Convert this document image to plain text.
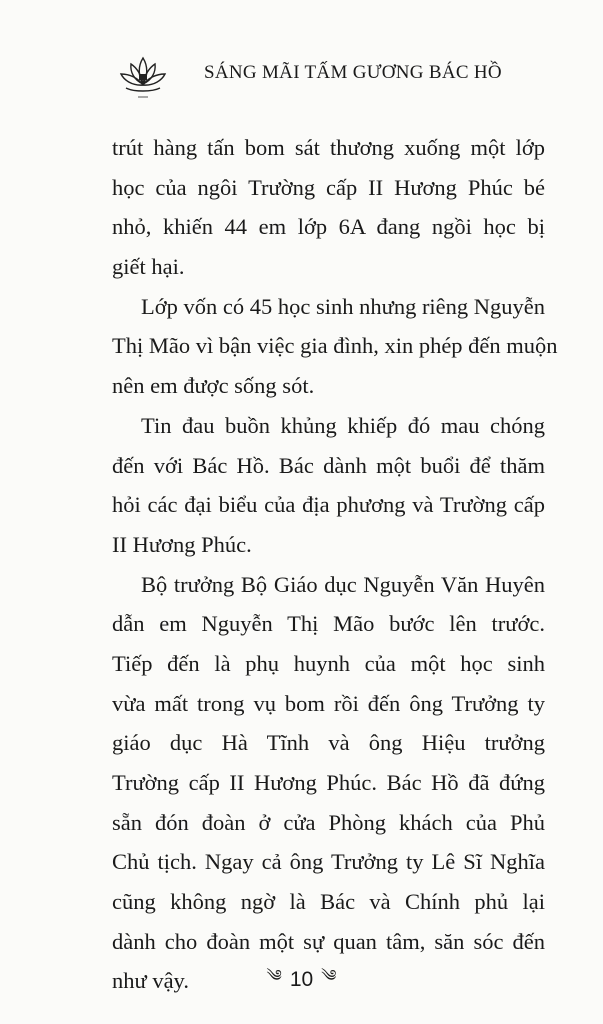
SÁNG MÃI TẤM GƯƠNG BÁC HỒ
trút hàng tấn bom sát thương xuống một lớp
học của ngôi Trường cấp II Hương Phúc bé
nhỏ, khiến 44 em lớp 6A đang ngồi học bị
giết hại.
Lớp vốn có 45 học sinh nhưng riêng Nguyễn
Thị Mão vì bận việc gia đình, xin phép đến muộn
nên em được sống sót.
Tin đau buồn khủng khiếp đó mau chóng
đến với Bác Hồ. Bác dành một buổi để thăm
hỏi các đại biểu của địa phương và Trường cấp
II Hương Phúc.
Bộ trưởng Bộ Giáo dục Nguyễn Văn Huyên
dẫn em Nguyễn Thị Mão bước lên trước.
Tiếp đến là phụ huynh của một học sinh
vừa mất trong vụ bom rồi đến ông Trưởng ty
giáo dục Hà Tĩnh và ông Hiệu trưởng
Trường cấp II Hương Phúc. Bác Hồ đã đứng
sẵn đón đoàn ở cửa Phòng khách của Phủ
Chủ tịch. Ngay cả ông Trưởng ty Lê Sĩ Nghĩa
cũng không ngờ là Bác và Chính phủ lại
dành cho đoàn một sự quan tâm, săn sóc đến
như vậy.	༄ 10 ༄
